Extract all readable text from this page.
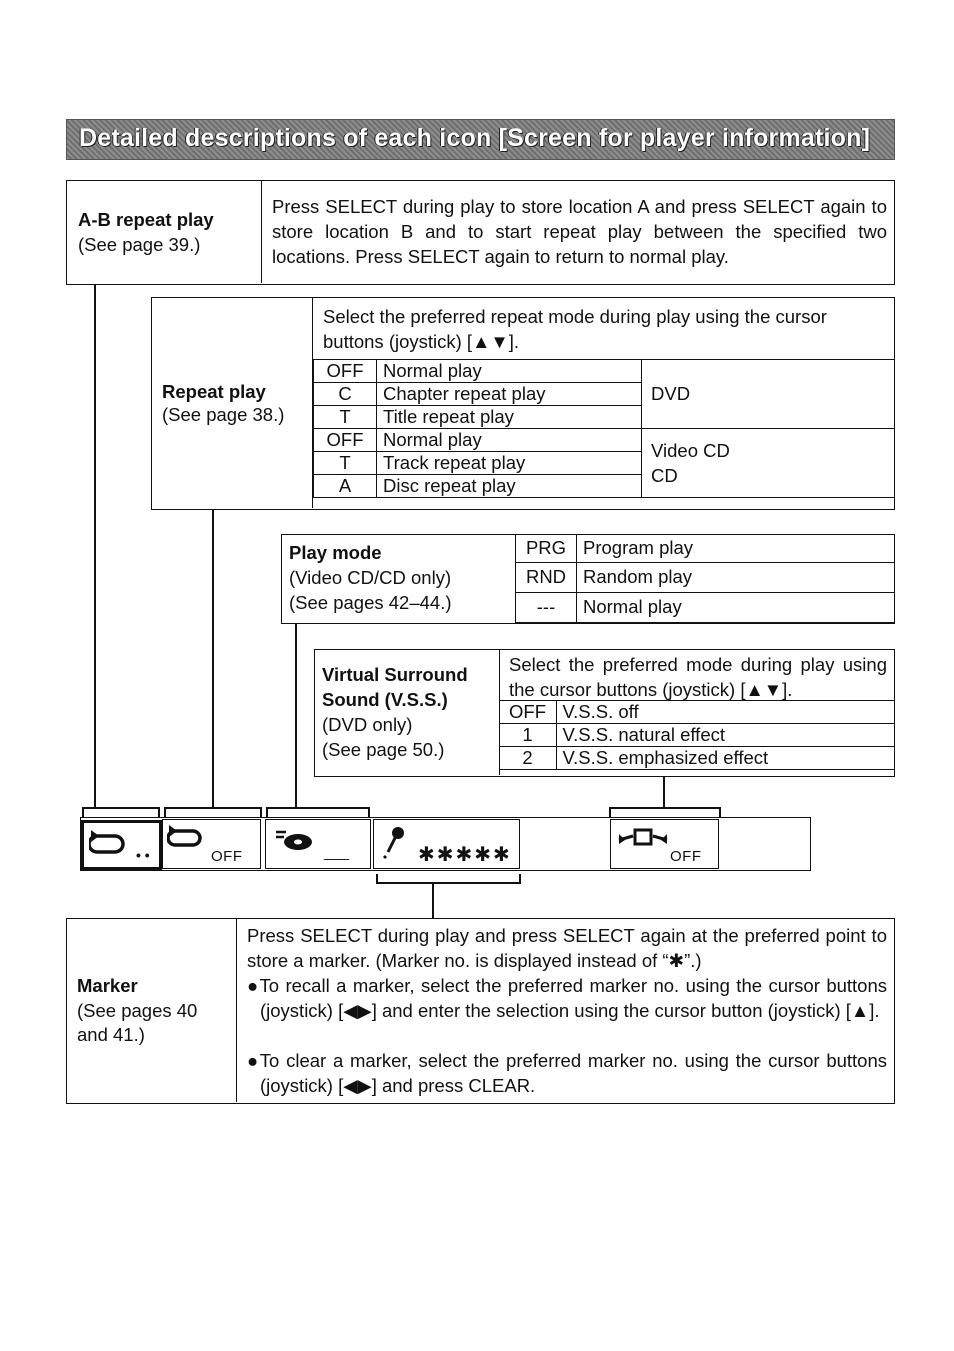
Detailed descriptions of each icon [Screen for player information]
A-B repeat play
(See page 39.)
Press SELECT during play to store location A and press SELECT again to store location B and to start repeat play between the specified two locations. Press SELECT again to return to normal play.
Repeat play
(See page 38.)
Select the preferred repeat mode during play using the cursor buttons (joystick) [▲▼].
OFF	Normal play	DVD
C	Chapter repeat play	
T	Title repeat play	
OFF	Normal play	Video CD
CD

T	Track repeat play	
A	Disc repeat play	
Play mode
(Video CD/CD only)
(See pages 42–44.)
PRG	Program play
RND	Random play
---	Normal play
Virtual Surround
Sound (V.S.S.)
(DVD only)
(See page 50.)
Select the preferred mode during play using the cursor buttons (joystick) [▲▼].
OFF	V.S.S. off
1	V.S.S. natural effect
2	V.S.S. emphasized effect
• •	OFF	___	✱✱✱✱✱	OFF
Marker
(See pages 40
and 41.)
Press SELECT during play and press SELECT again at the preferred point to store a marker. (Marker no. is displayed instead of “✱”.)
●To recall a marker, select the preferred marker no. using the cursor buttons (joystick) [◀▶] and enter the selection using the cursor button (joystick) [▲].
●To clear a marker, select the preferred marker no. using the cursor buttons (joystick) [◀▶] and press CLEAR.
